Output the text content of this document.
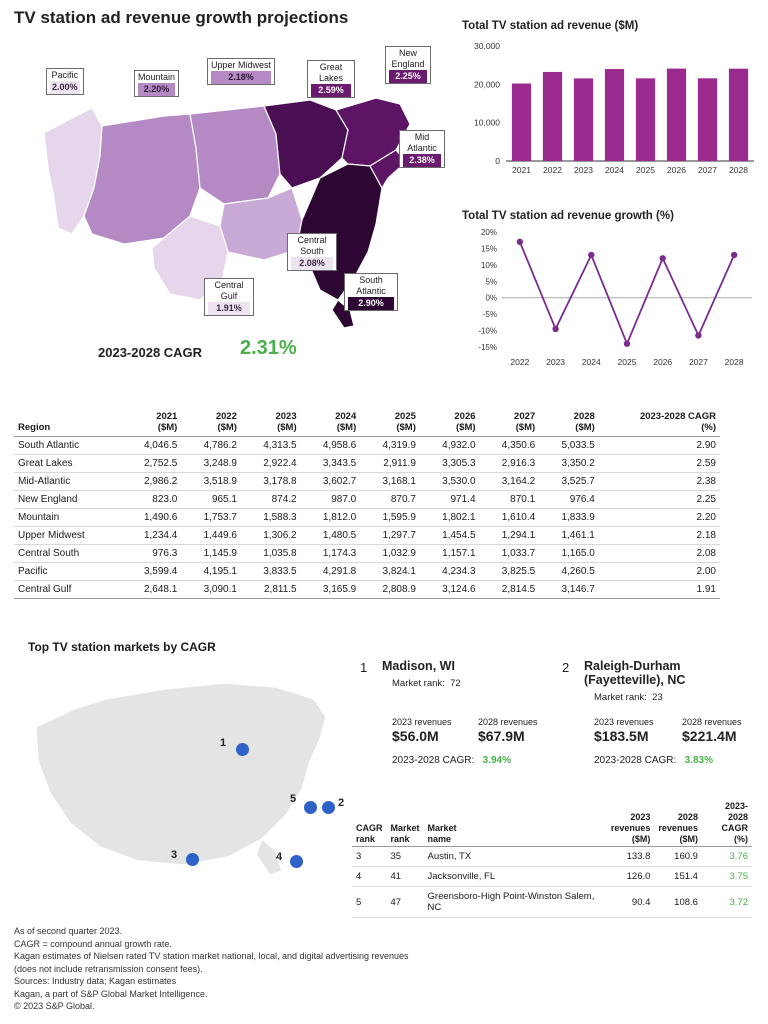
TV station ad revenue growth projections
Pacific
2.00%
Mountain
2.20%
Upper Midwest
2.18%
Great Lakes
2.59%
New England
2.25%
Mid Atlantic
2.38%
Central South
2.08%
Central Gulf
1.91%
South Atlantic
2.90%
2023-2028 CAGR 2.31%
Total TV station ad revenue ($M)
0
10,000
20,000
30,000
2021 2022 2023 2024 2025 2026 2027 2028
Total TV station ad revenue growth (%)
-15%
-10%
-5%
0%
5%
10%
15%
20%
2022 2023 2024 2025 2026 2027 2028
Region

2021
($M)

2022
($M)

2023
($M)

2024
($M)

2025
($M)

2026
($M)

2027
($M)

2028
($M)

2023-2028 CAGR
(%)

South Atlantic	4,046.5	4,786.2	4,313.5	4,958.6	4,319.9	4,932.0	4,350.6	5,033.5	2.90
Great Lakes	2,752.5	3,248.9	2,922.4	3,343.5	2,911.9	3,305.3	2,916.3	3,350.2	2.59
Mid-Atlantic	2,986.2	3,518.9	3,178.8	3,602.7	3,168.1	3,530.0	3,164.2	3,525.7	2.38
New England	823.0	965.1	874.2	987.0	870.7	971.4	870.1	976.4	2.25
Mountain	1,490.6	1,753.7	1,588.3	1,812.0	1,595.9	1,802.1	1,610.4	1,833.9	2.20
Upper Midwest	1,234.4	1,449.6	1,306.2	1,480.5	1,297.7	1,454.5	1,294.1	1,461.1	2.18
Central South	976.3	1,145.9	1,035.8	1,174.3	1,032.9	1,157.1	1,033.7	1,165.0	2.08
Pacific	3,599.4	4,195.1	3,833.5	4,291.8	3,824.1	4,234.3	3,825.5	4,260.5	2.00
Central Gulf	2,648.1	3,090.1	2,811.5	3,165.9	2,808.9	3,124.6	2,814.5	3,146.7	1.91
Top TV station markets by CAGR
1
2
5
3	4
1 Madison, WI
Market rank: 72
2023 revenues
$56.0M
2028 revenues
$67.9M
2023-2028 CAGR: 3.94%
2 Raleigh-Durham (Fayetteville), NC
Market rank: 23
2023 revenues
$183.5M
2028 revenues
$221.4M
2023-2028 CAGR: 3.83%
CAGR
rank

Market
rank

Market
name

2023
revenues
($M)

2028
revenues
($M)

2023-2028
CAGR
(%)

3	35	Austin, TX	133.8	160.9	3.76
4	41	Jacksonville, FL	126.0	151.4	3.75
5	47	Greensboro-High Point-Winston Salem, NC	90.4	108.6	3.72
As of second quarter 2023.
CAGR = compound annual growth rate.
Kagan estimates of Nielsen rated TV station market national, local, and digital advertising revenues
(does not include retransmission consent fees).
Sources: Industry data; Kagan estimates
Kagan, a part of S&P Global Market Intelligence.
© 2023 S&P Global.
